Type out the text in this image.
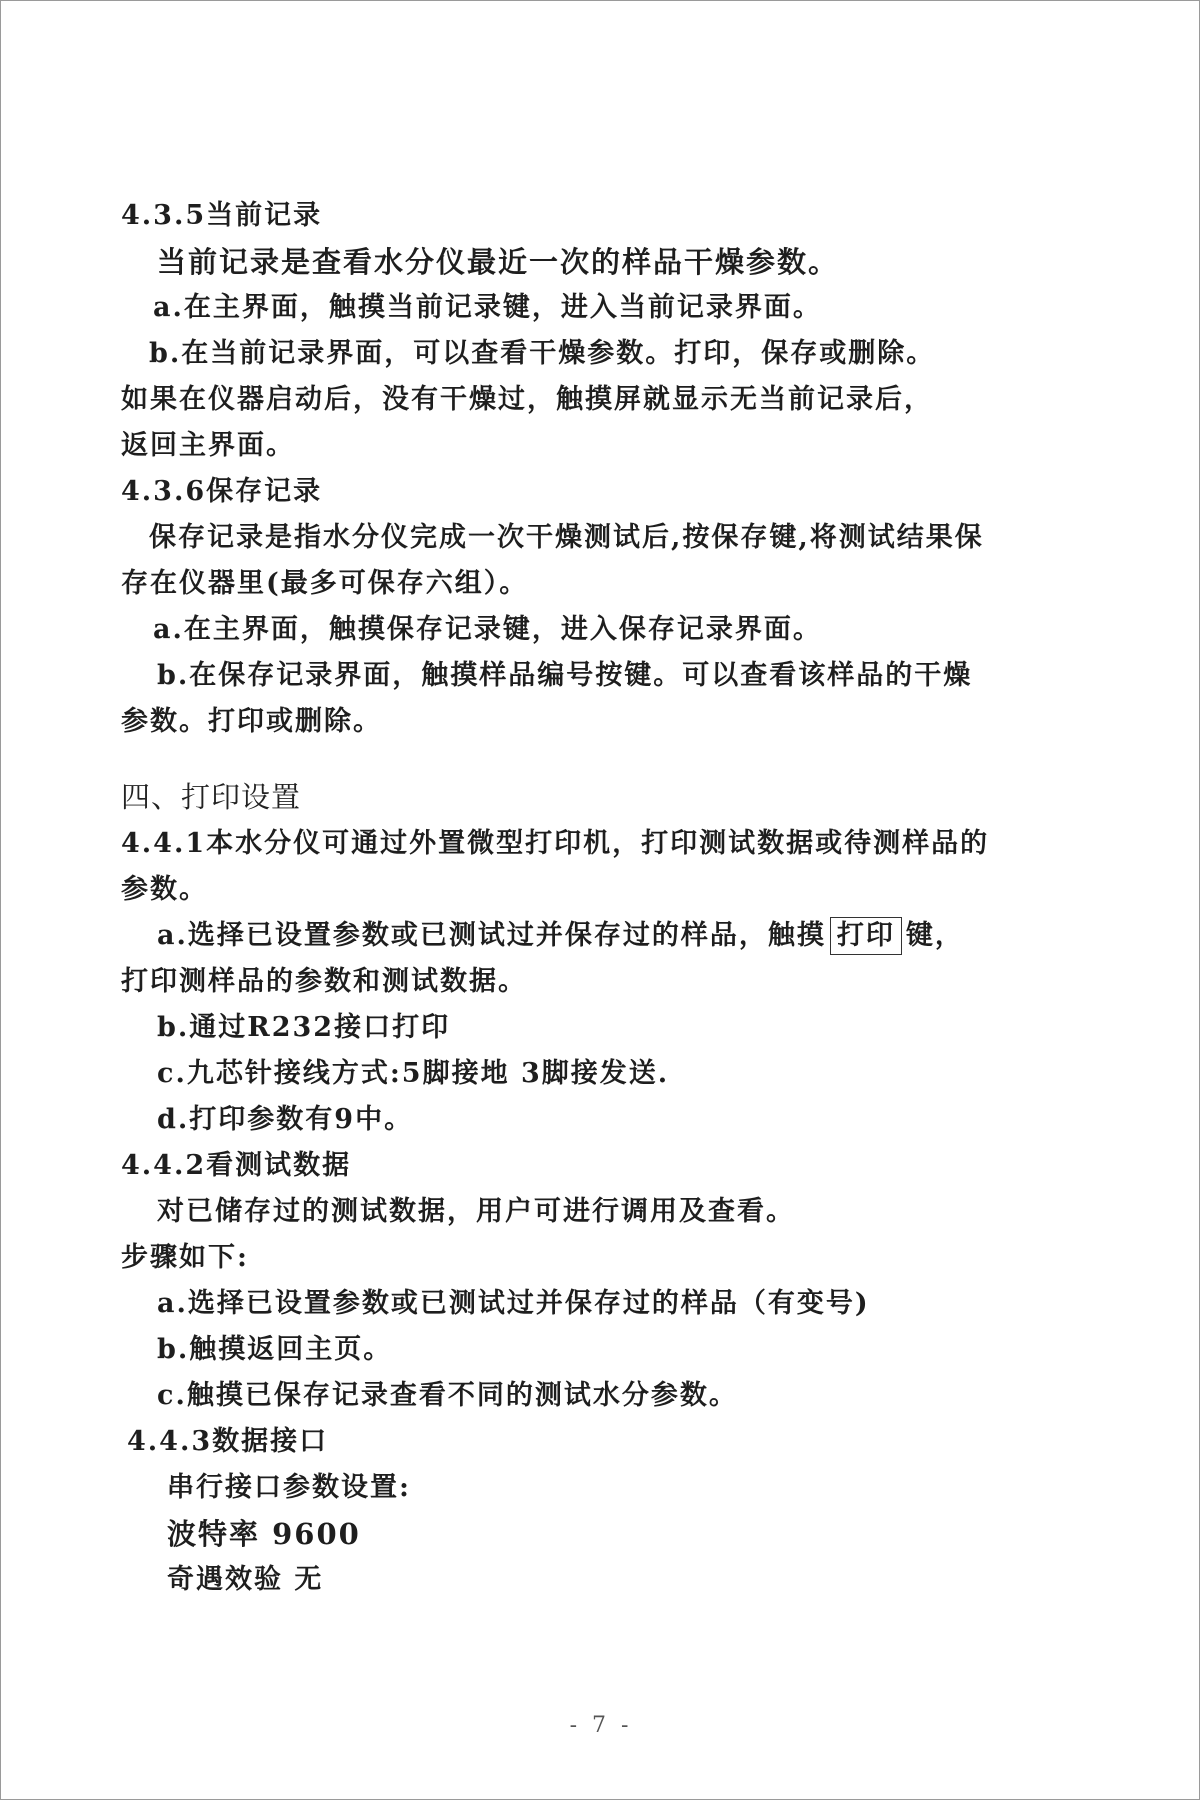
4.3.5当前记录
当前记录是查看水分仪最近一次的样品干燥参数。
a.在主界面，触摸当前记录键，进入当前记录界面。
b.在当前记录界面，可以查看干燥参数。打印，保存或删除。
如果在仪器启动后，没有干燥过，触摸屏就显示无当前记录后，
返回主界面。
4.3.6保存记录
保存记录是指水分仪完成一次干燥测试后,按保存键,将测试结果保
存在仪器里(最多可保存六组）。
a.在主界面，触摸保存记录键，进入保存记录界面。
b.在保存记录界面，触摸样品编号按键。可以查看该样品的干燥
参数。打印或删除。
四、打印设置
4.4.1本水分仪可通过外置微型打印机，打印测试数据或待测样品的
参数。
a.选择已设置参数或已测试过并保存过的样品，触摸 打印 键，
打印测样品的参数和测试数据。
b.通过R232接口打印
c.九芯针接线方式:5脚接地 3脚接发送.
d.打印参数有9中。
4.4.2看测试数据
对已储存过的测试数据，用户可进行调用及查看。
步骤如下:
a.选择已设置参数或已测试过并保存过的样品（有变号)
b.触摸返回主页。
c.触摸已保存记录查看不同的测试水分参数。
4.4.3数据接口
串行接口参数设置:
波特率 9600
奇遇效验 无
- 7 -
